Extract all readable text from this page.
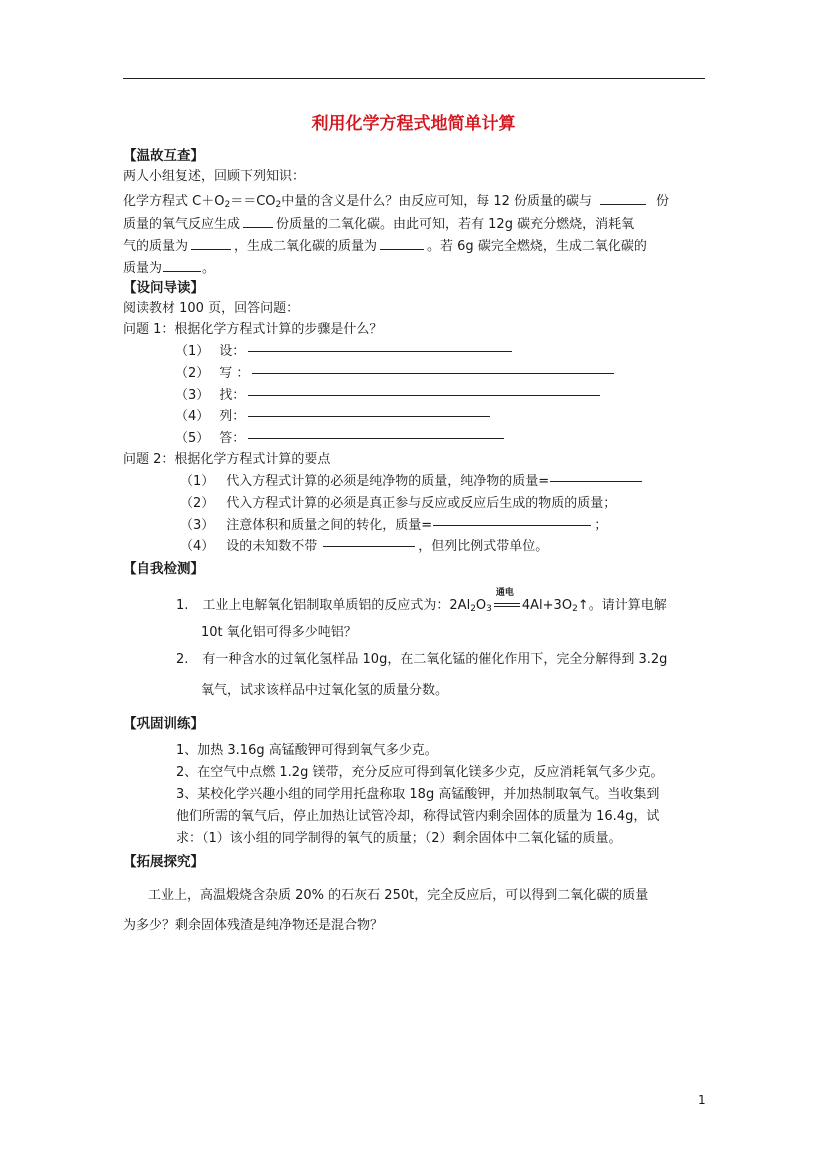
利用化学方程式地简单计算
【温故互查】
两人小组复述，回顾下列知识：
化学方程式 $C+O_2==CO_2$中量的含义是什么？由反应可知，每 12 份质量的碳与	份
质量的氧气反应生成	份质量的二氧化碳。由此可知，若有 12g 碳充分燃烧，消耗氧
气的质量为	，生成二氧化碳的质量为	。若 6g 碳完全燃烧，生成二氧化碳的
质量为	。
【设问导读】
阅读教材 100 页，回答问题：
问题 1：根据化学方程式计算的步骤是什么？
（1） 设：
（2） 写 ：
（3） 找：
（4） 列：
（5） 答：
问题 2：根据化学方程式计算的要点
（1） 代入方程式计算的必须是纯净物的质量，纯净物的质量=
（2） 代入方程式计算的必须是真正参与反应或反应后生成的物质的质量；
（3） 注意体积和质量之间的转化，质量=	；
（4） 设的未知数不带	，但列比例式带单位。
【自我检测】
1. 工业上电解氧化铝制取单质铝的反应式为：$2Al_2O_3$
通电
$4Al+3O_2↑$。请计算电解
10t 氧化铝可得多少吨铝？
2. 有一种含水的过氧化氢样品 10g，在二氧化锰的催化作用下，完全分解得到 3.2g
氧气，试求该样品中过氧化氢的质量分数。
【巩固训练】
1、加热 3.16g 高锰酸钾可得到氧气多少克。
2、在空气中点燃 1.2g 镁带，充分反应可得到氧化镁多少克，反应消耗氧气多少克。
3、某校化学兴趣小组的同学用托盘称取 18g 高锰酸钾，并加热制取氧气。当收集到
他们所需的氧气后，停止加热让试管冷却，称得试管内剩余固体的质量为 16.4g，试
求：（1）该小组的同学制得的氧气的质量；（2）剩余固体中二氧化锰的质量。
【拓展探究】
工业上，高温煅烧含杂质 20% 的石灰石 250t，完全反应后，可以得到二氧化碳的质量
为多少？剩余固体残渣是纯净物还是混合物？
1
